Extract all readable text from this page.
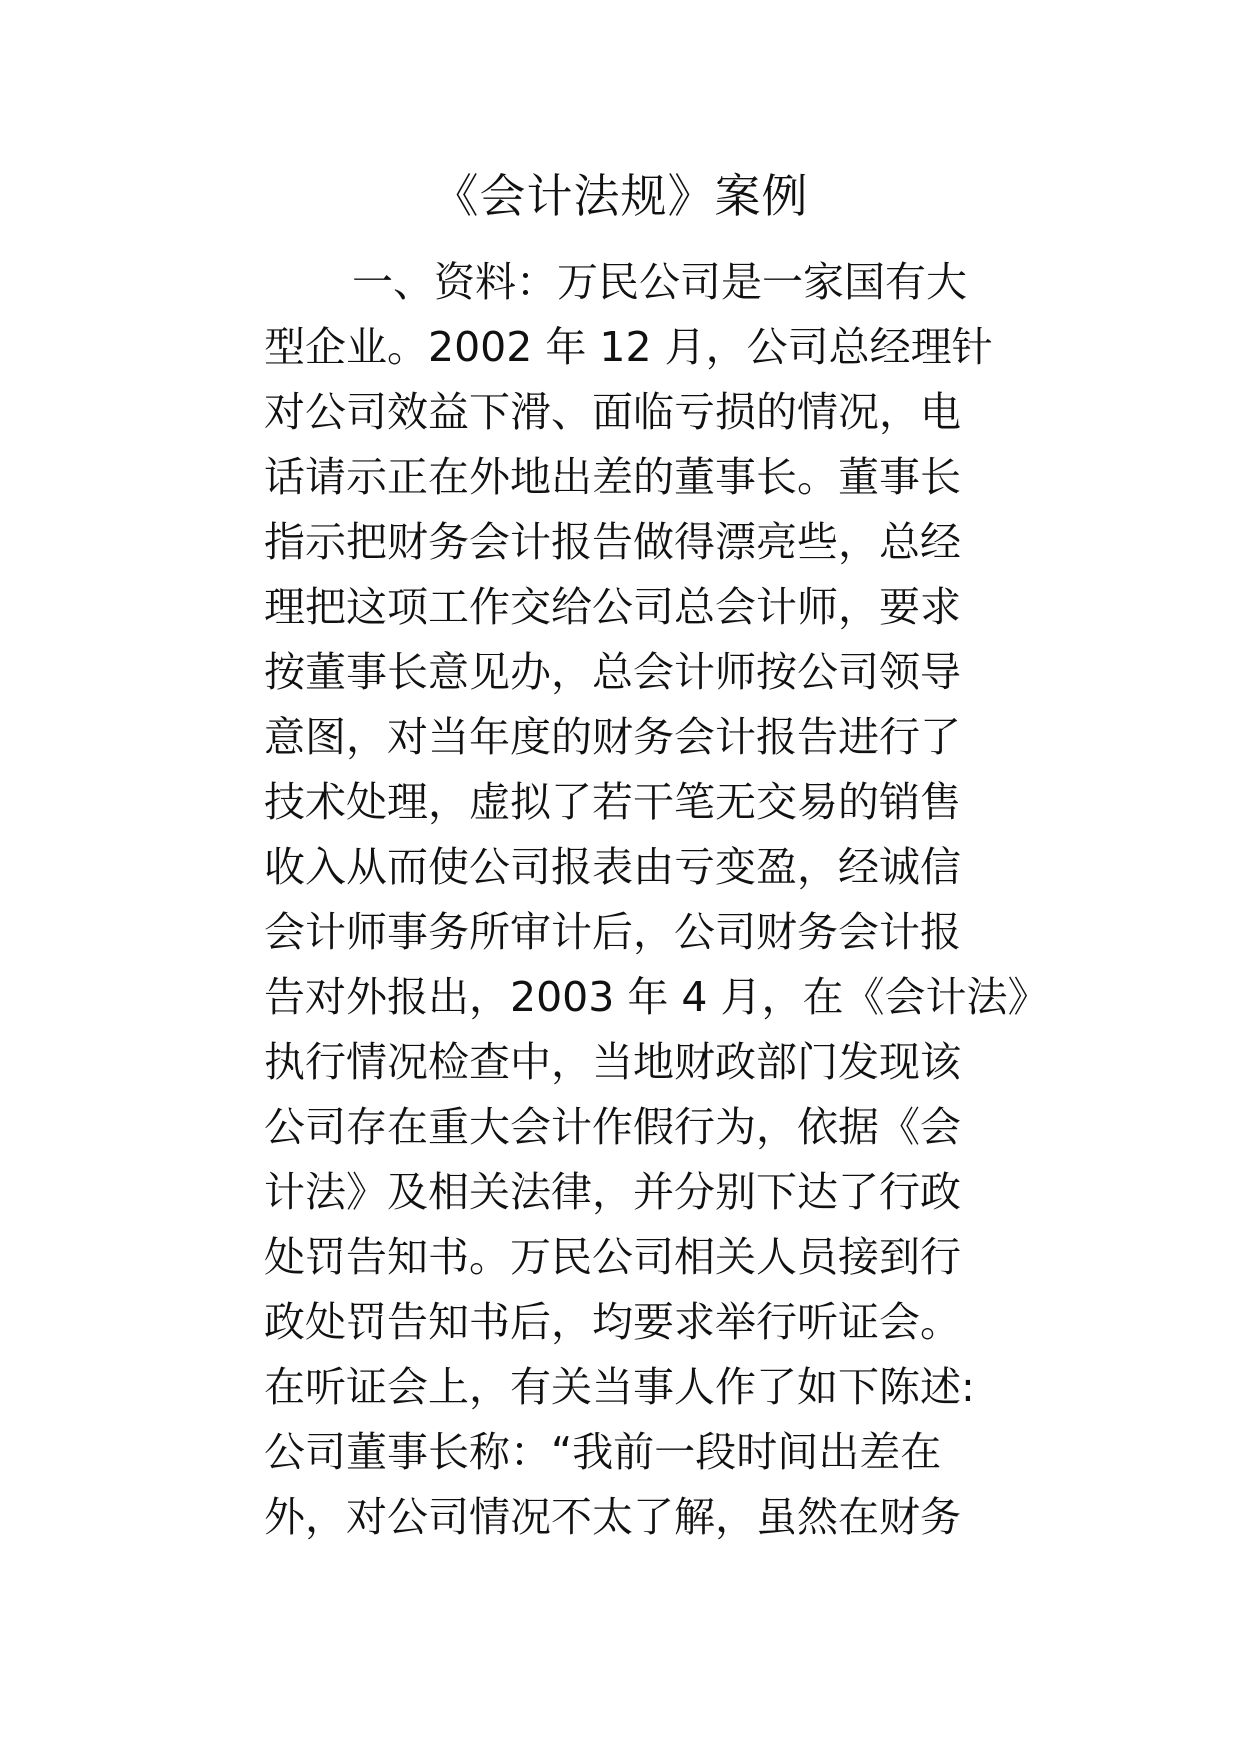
《会计法规》案例
一、资料：万民公司是一家国有大
型企业。2002 年 12 月，公司总经理针
对公司效益下滑、面临亏损的情况，电
话请示正在外地出差的董事长。董事长
指示把财务会计报告做得漂亮些，总经
理把这项工作交给公司总会计师，要求
按董事长意见办，总会计师按公司领导
意图，对当年度的财务会计报告进行了
技术处理，虚拟了若干笔无交易的销售
收入从而使公司报表由亏变盈，经诚信
会计师事务所审计后，公司财务会计报
告对外报出，2003 年 4 月，在《会计法》
执行情况检查中，当地财政部门发现该
公司存在重大会计作假行为，依据《会
计法》及相关法律，并分别下达了行政
处罚告知书。万民公司相关人员接到行
政处罚告知书后，均要求举行听证会。
在听证会上，有关当事人作了如下陈述:
公司董事长称：“我前一段时间出差在
外，对公司情况不太了解，虽然在财务
